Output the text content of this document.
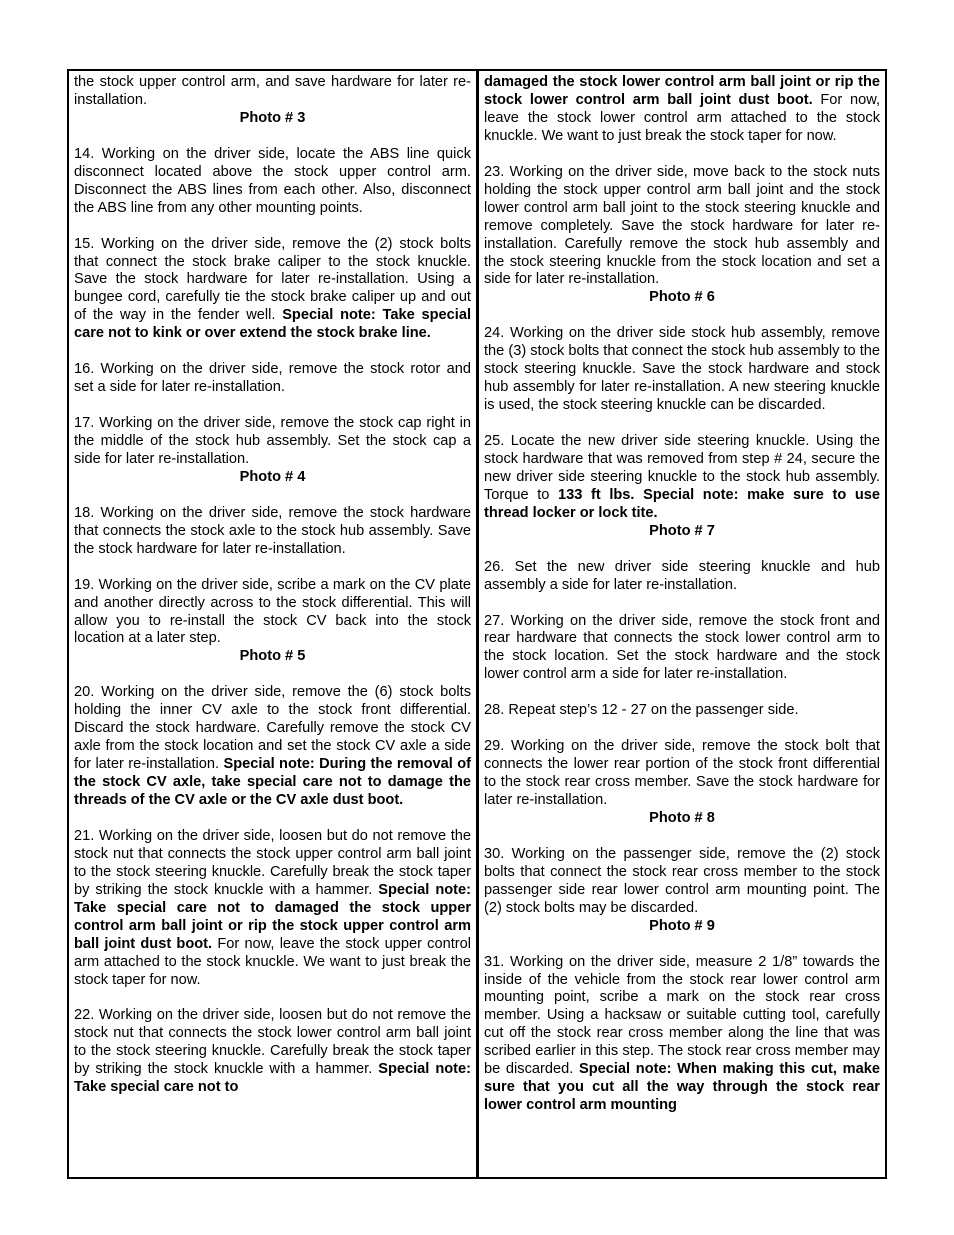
the stock upper control arm, and save hardware for later re-installation.

Photo # 3

14. Working on the driver side, locate the ABS line quick disconnect located above the stock upper control arm. Disconnect the ABS lines from each other. Also, disconnect the ABS line from any other mounting points.

15. Working on the driver side, remove the (2) stock bolts that connect the stock brake caliper to the stock knuckle. Save the stock hardware for later re-installation. Using a bungee cord, carefully tie the stock brake caliper up and out of the way in the fender well. Special note: Take special care not to kink or over extend the stock brake line.

16. Working on the driver side, remove the stock rotor and set a side for later re-installation.

17. Working on the driver side, remove the stock cap right in the middle of the stock hub assembly. Set the stock cap a side for later re-installation.

Photo # 4

18. Working on the driver side, remove the stock hardware that connects the stock axle to the stock hub assembly. Save the stock hardware for later re-installation.

19. Working on the driver side, scribe a mark on the CV plate and another directly across to the stock differential. This will allow you to re-install the stock CV back into the stock location at a later step.

Photo # 5

20. Working on the driver side, remove the (6) stock bolts holding the inner CV axle to the stock front differential. Discard the stock hardware. Carefully remove the stock CV axle from the stock location and set the stock CV axle a side for later re-installation. Special note: During the removal of the stock CV axle, take special care not to damage the threads of the CV axle or the CV axle dust boot.

21. Working on the driver side, loosen but do not remove the stock nut that connects the stock upper control arm ball joint to the stock steering knuckle. Carefully break the stock taper by striking the stock knuckle with a hammer. Special note: Take special care not to damaged the stock upper control arm ball joint or rip the stock upper control arm ball joint dust boot. For now, leave the stock upper control arm attached to the stock knuckle. We want to just break the stock taper for now.

22. Working on the driver side, loosen but do not remove the stock nut that connects the stock lower control arm ball joint to the stock steering knuckle. Carefully break the stock taper by striking the stock knuckle with a hammer. Special note: Take special care not to

damaged the stock lower control arm ball joint or rip the stock lower control arm ball joint dust boot. For now, leave the stock lower control arm attached to the stock knuckle. We want to just break the stock taper for now.

23. Working on the driver side, move back to the stock nuts holding the stock upper control arm ball joint and the stock lower control arm ball joint to the stock steering knuckle and remove completely. Save the stock hardware for later re-installation. Carefully remove the stock hub assembly and the stock steering knuckle from the stock location and set a side for later re-installation.

Photo # 6

24. Working on the driver side stock hub assembly, remove the (3) stock bolts that connect the stock hub assembly to the stock steering knuckle. Save the stock hardware and stock hub assembly for later re-installation. A new steering knuckle is used, the stock steering knuckle can be discarded.

25. Locate the new driver side steering knuckle. Using the stock hardware that was removed from step # 24, secure the new driver side steering knuckle to the stock hub assembly. Torque to 133 ft lbs. Special note: make sure to use thread locker or lock tite.

Photo # 7

26. Set the new driver side steering knuckle and hub assembly a side for later re-installation.

27. Working on the driver side, remove the stock front and rear hardware that connects the stock lower control arm to the stock location. Set the stock hardware and the stock lower control arm a side for later re-installation.

28. Repeat step’s 12 - 27 on the passenger side.

29. Working on the driver side, remove the stock bolt that connects the lower rear portion of the stock front differential to the stock rear cross member. Save the stock hardware for later re-installation.

Photo # 8

30. Working on the passenger side, remove the (2) stock bolts that connect the stock rear cross member to the stock passenger side rear lower control arm mounting point. The (2) stock bolts may be discarded.

Photo # 9

31. Working on the driver side, measure 2 1/8” towards the inside of the vehicle from the stock rear lower control arm mounting point, scribe a mark on the stock rear cross member. Using a hacksaw or suitable cutting tool, carefully cut off the stock rear cross member along the line that was scribed earlier in this step. The stock rear cross member may be discarded. Special note: When making this cut, make sure that you cut all the way through the stock rear lower control arm mounting
